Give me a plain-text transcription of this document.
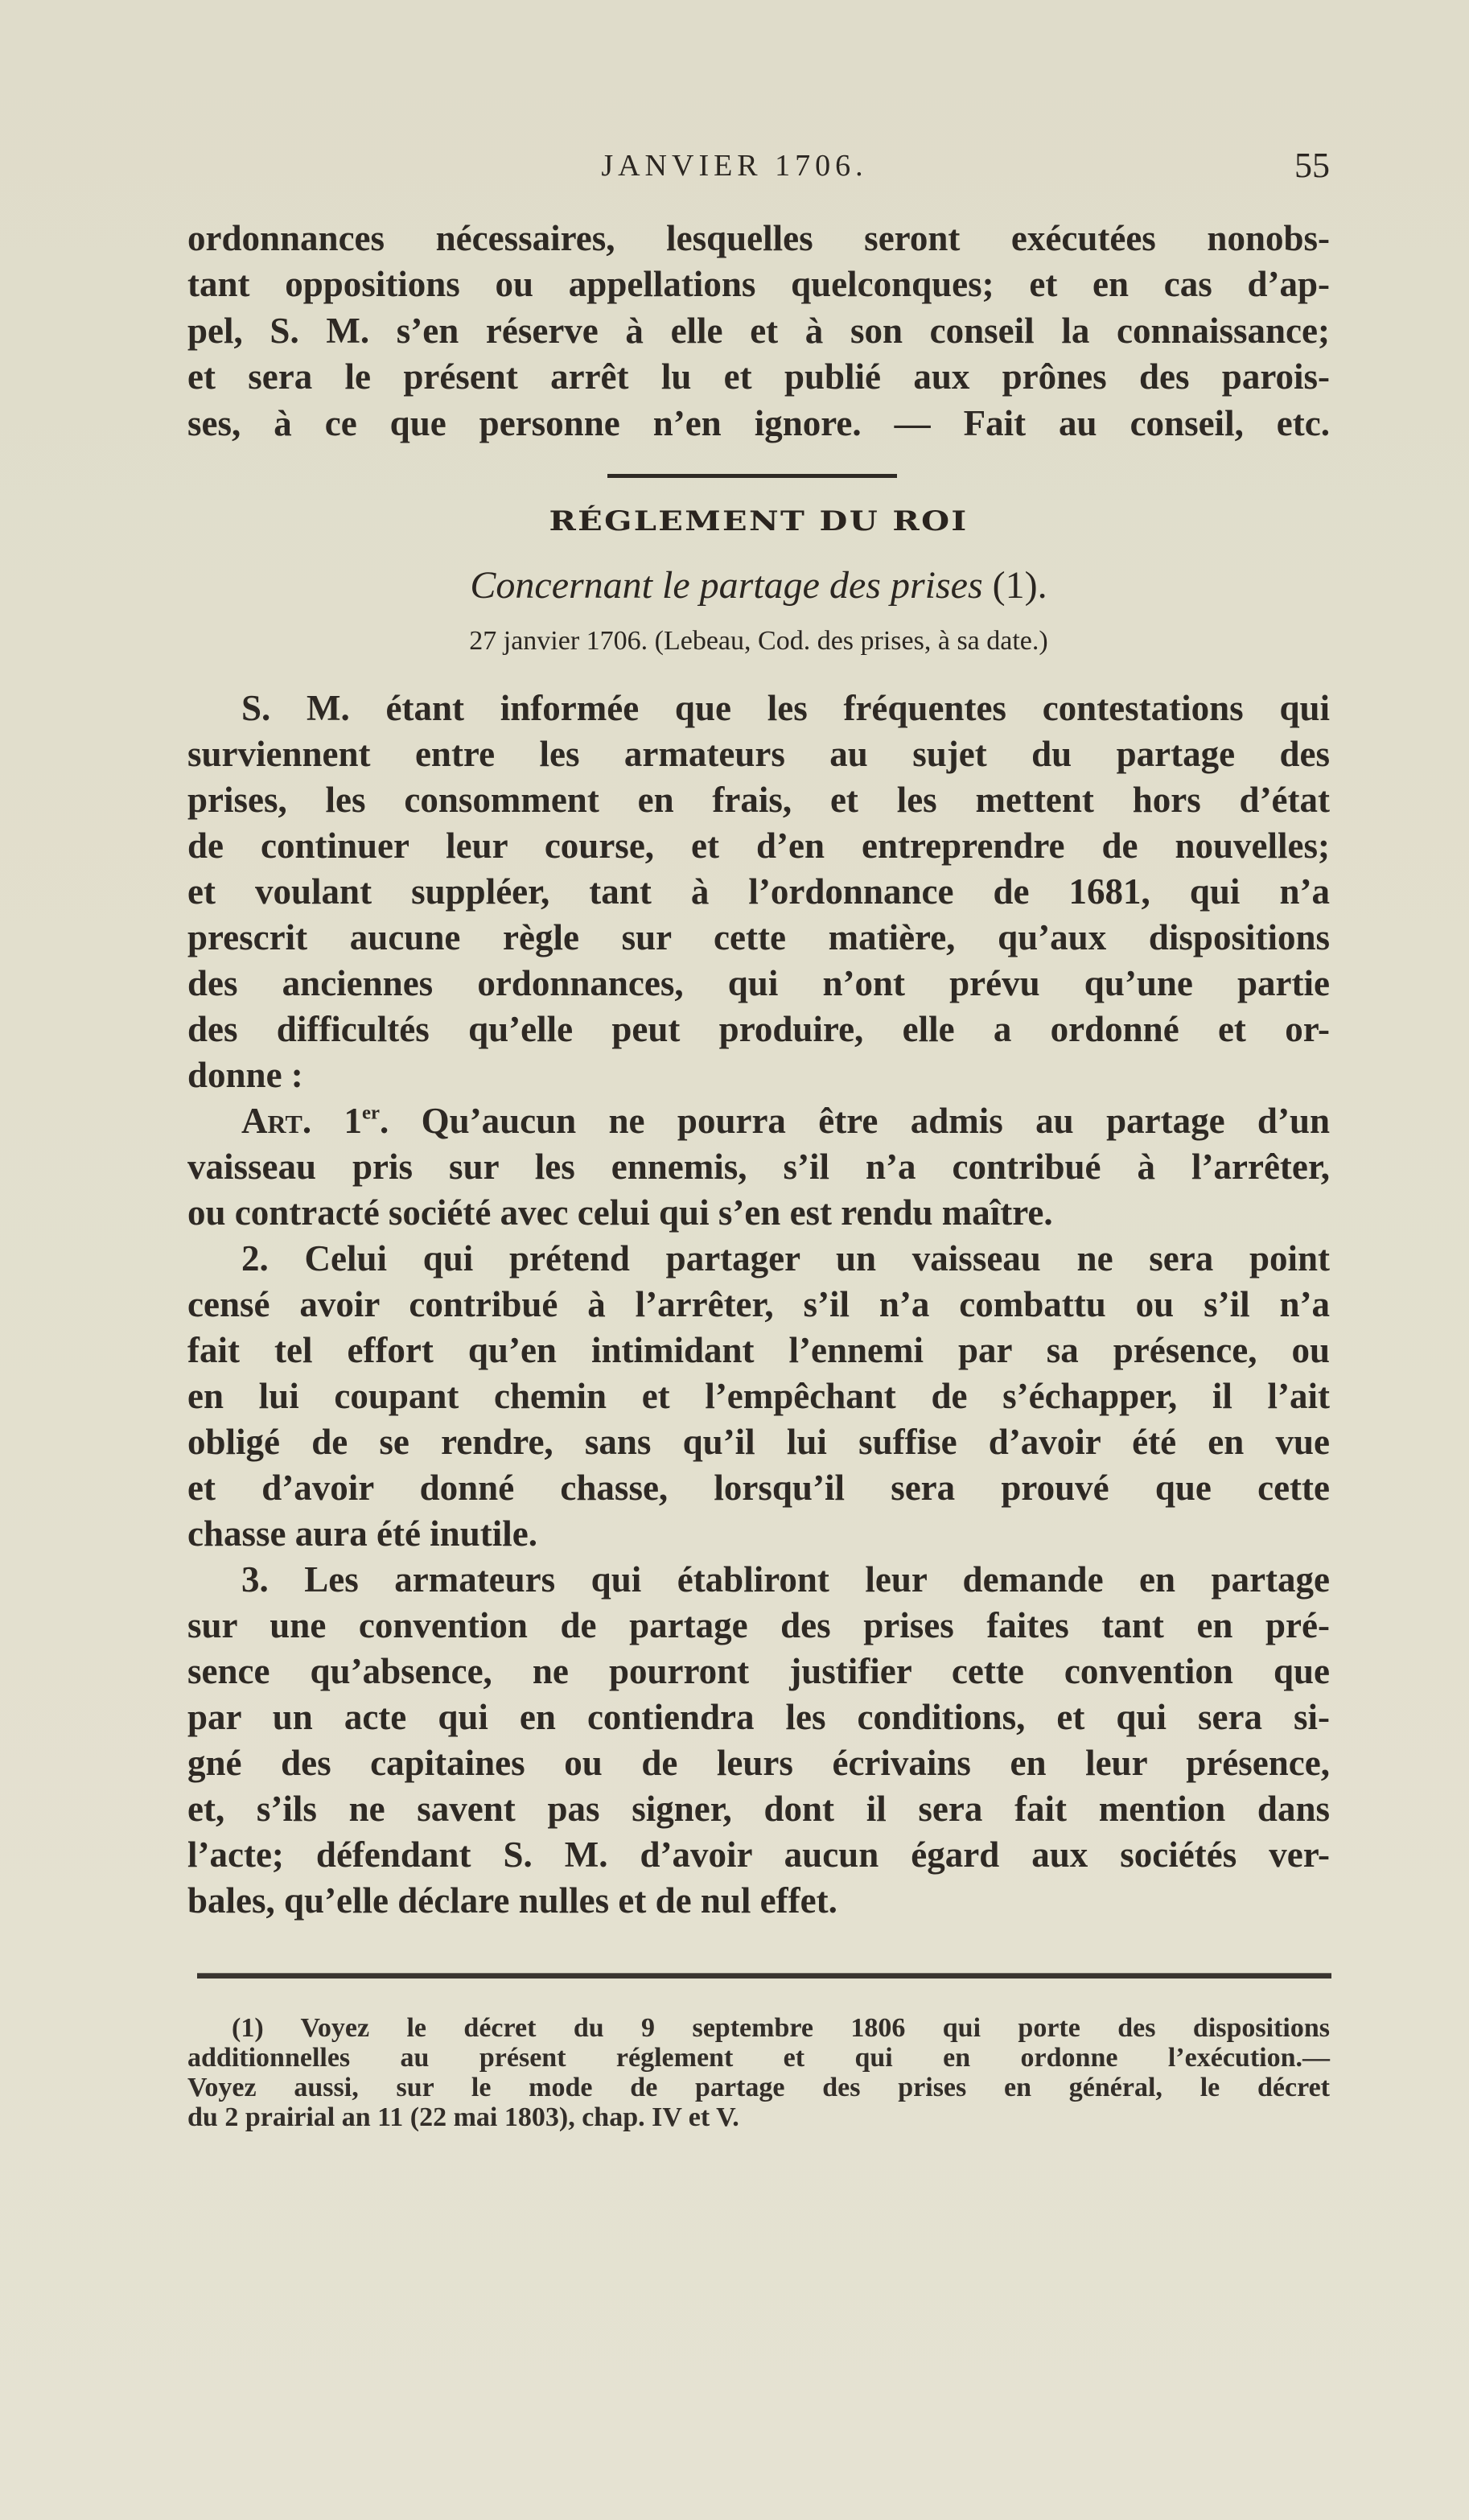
JANVIER 1706.	55
ordonnances nécessaires, lesquelles seront exécutées nonobs-
tant oppositions ou appellations quelconques; et en cas d’ap-
pel, S. M. s’en réserve à elle et à son conseil la connaissance;
et sera le présent arrêt lu et publié aux prônes des parois-
ses, à ce que personne n’en ignore. — Fait au conseil, etc.
RÉGLEMENT DU ROI
Concernant le partage des prises (1).
27 janvier 1706. (Lebeau, Cod. des prises, à sa date.)
S. M. étant informée que les fréquentes contestations qui
surviennent entre les armateurs au sujet du partage des
prises, les consomment en frais, et les mettent hors d’état
de continuer leur course, et d’en entreprendre de nouvelles;
et voulant suppléer, tant à l’ordonnance de 1681, qui n’a
prescrit aucune règle sur cette matière, qu’aux dispositions
des anciennes ordonnances, qui n’ont prévu qu’une partie
des difficultés qu’elle peut produire, elle a ordonné et or-
donne :
Art. 1er. Qu’aucun ne pourra être admis au partage d’un
vaisseau pris sur les ennemis, s’il n’a contribué à l’arrêter,
ou contracté société avec celui qui s’en est rendu maître.
2. Celui qui prétend partager un vaisseau ne sera point
censé avoir contribué à l’arrêter, s’il n’a combattu ou s’il n’a
fait tel effort qu’en intimidant l’ennemi par sa présence, ou
en lui coupant chemin et l’empêchant de s’échapper, il l’ait
obligé de se rendre, sans qu’il lui suffise d’avoir été en vue
et d’avoir donné chasse, lorsqu’il sera prouvé que cette
chasse aura été inutile.
3. Les armateurs qui établiront leur demande en partage
sur une convention de partage des prises faites tant en pré-
sence qu’absence, ne pourront justifier cette convention que
par un acte qui en contiendra les conditions, et qui sera si-
gné des capitaines ou de leurs écrivains en leur présence,
et, s’ils ne savent pas signer, dont il sera fait mention dans
l’acte; défendant S. M. d’avoir aucun égard aux sociétés ver-
bales, qu’elle déclare nulles et de nul effet.
(1) Voyez le décret du 9 septembre 1806 qui porte des dispositions
additionnelles au présent réglement et qui en ordonne l’exécution.—
Voyez aussi, sur le mode de partage des prises en général, le décret
du 2 prairial an 11 (22 mai 1803), chap. IV et V.
